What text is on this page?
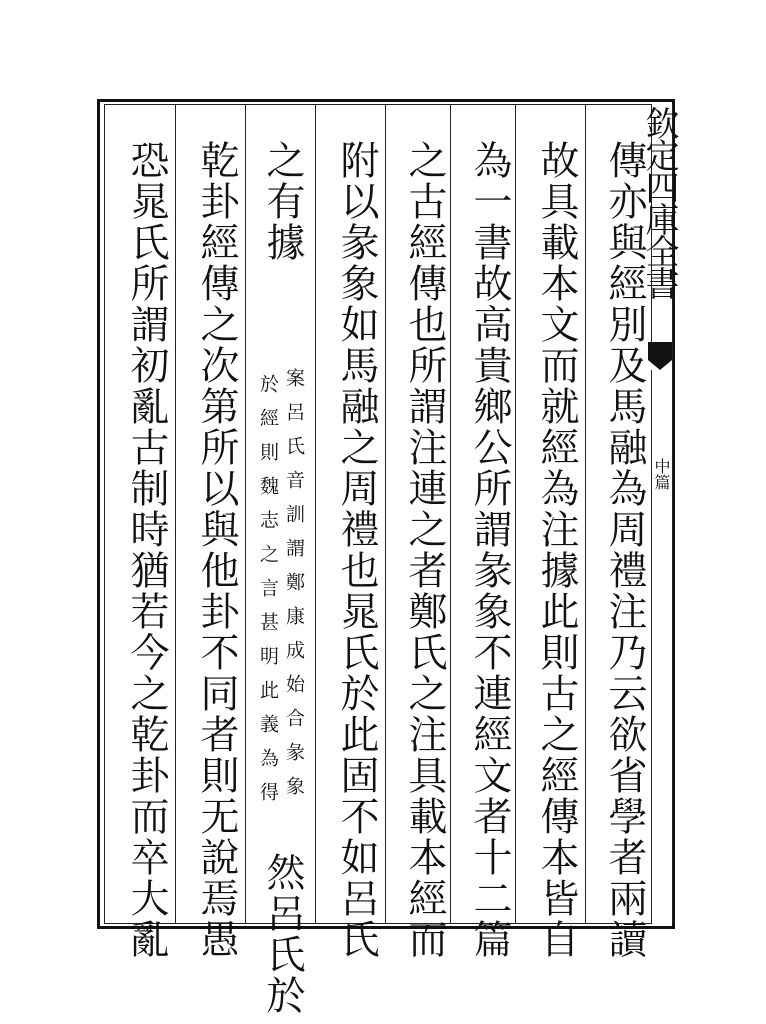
欽定四庫全書
中篇
傳亦與經別及馬融為周禮注乃云欲省學者兩讀
故具載本文而就經為注據此則古之經傳本皆自
為一書故高貴鄉公所謂彖象不連經文者十二篇
之古經傳也所謂注連之者鄭氏之注具載本經而
附以彖象如馬融之周禮也晁氏於此固不如呂氏
之有據
案呂氏音訓謂鄭康成始合彖象
於經則魏志之言甚明此義為得
然呂氏於
乾卦經傳之次第所以與他卦不同者則无說焉愚
恐晁氏所謂初亂古制時猶若今之乾卦而卒大亂
